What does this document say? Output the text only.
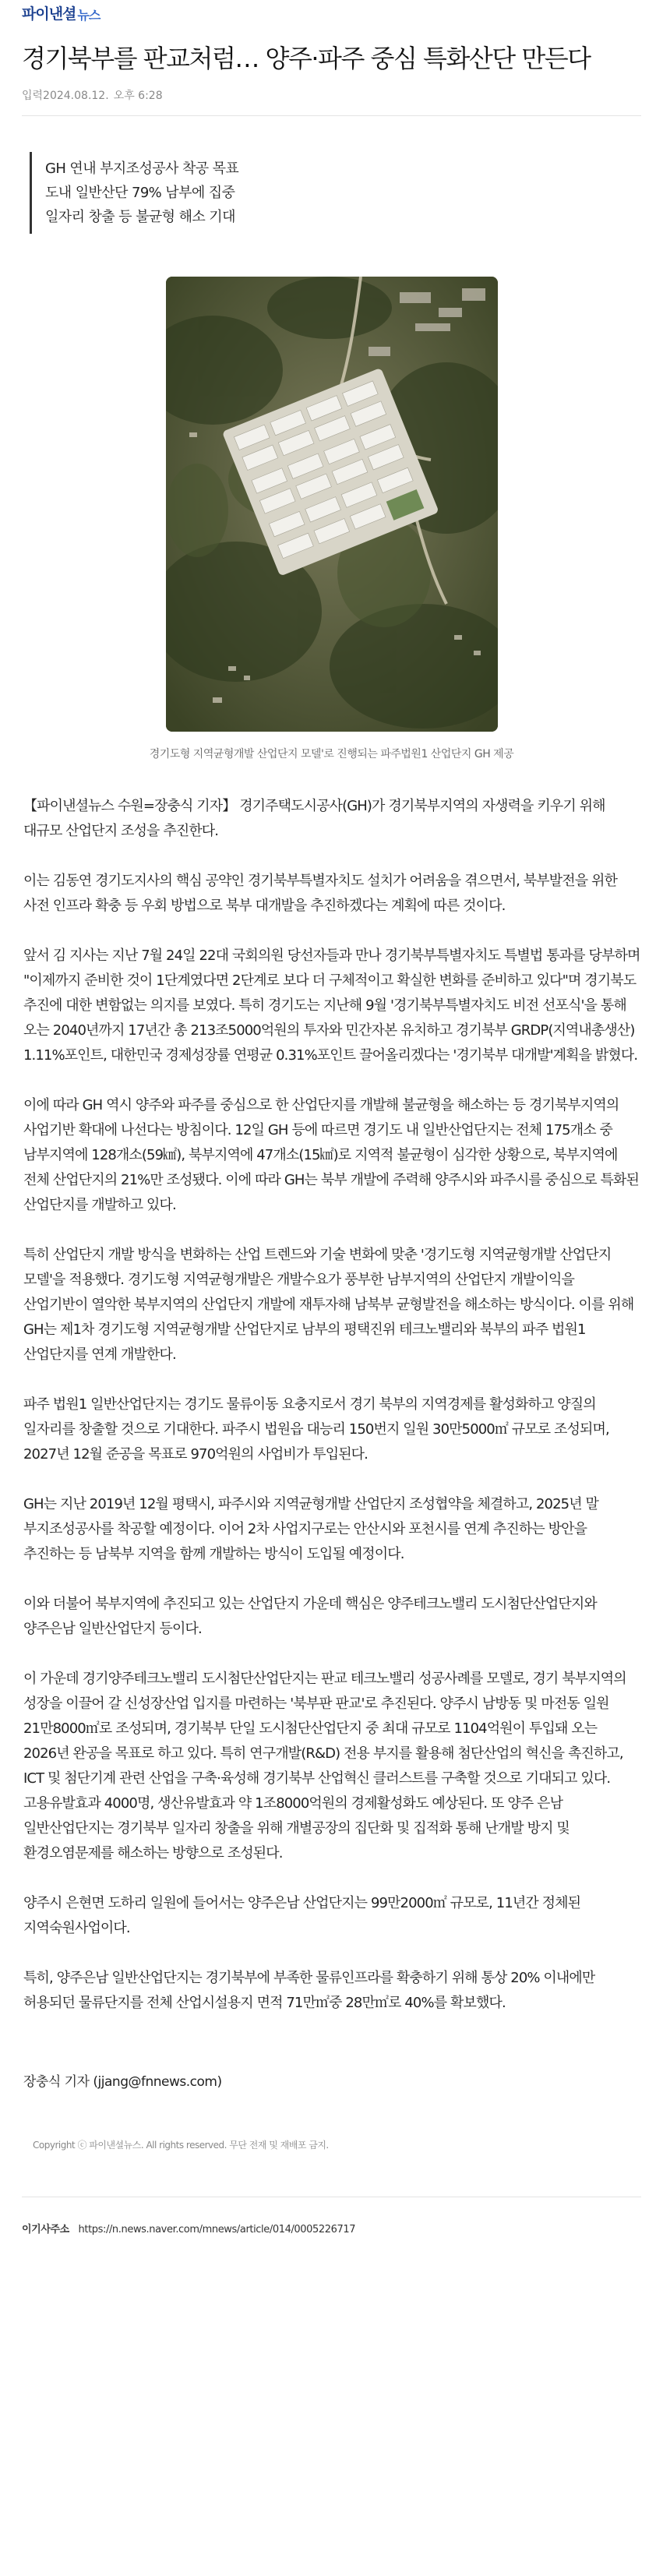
파이낸셜 뉴스
경기북부를 판교처럼… 양주·파주 중심 특화산단 만든다
입력2024.08.12. 오후 6:28
GH 연내 부지조성공사 착공 목표
도내 일반산단 79% 남부에 집중
일자리 창출 등 불균형 해소 기대
경기도형 지역균형개발 산업단지 모델'로 진행되는 파주법원1 산업단지 GH 제공

【파이낸셜뉴스 수원=장충식 기자】 경기주택도시공사(GH)가 경기북부지역의 자생력을 키우기 위해 대규모 산업단지 조성을 추진한다.

이는 김동연 경기도지사의 핵심 공약인 경기북부특별자치도 설치가 어려움을 겪으면서, 북부발전을 위한 사전 인프라 확충 등 우회 방법으로 북부 대개발을 추진하겠다는 계획에 따른 것이다.

앞서 김 지사는 지난 7월 24일 22대 국회의원 당선자들과 만나 경기북부특별자치도 특별법 통과를 당부하며 "이제까지 준비한 것이 1단계였다면 2단계로 보다 더 구체적이고 확실한 변화를 준비하고 있다"며 경기북도 추진에 대한 변함없는 의지를 보였다. 특히 경기도는 지난해 9월 '경기북부특별자치도 비전 선포식'을 통해 오는 2040년까지 17년간 총 213조5000억원의 투자와 민간자본 유치하고 경기북부 GRDP(지역내총생산) 1.11%포인트, 대한민국 경제성장률 연평균 0.31%포인트 끌어올리겠다는 '경기북부 대개발'계획을 밝혔다.

이에 따라 GH 역시 양주와 파주를 중심으로 한 산업단지를 개발해 불균형을 해소하는 등 경기북부지역의 사업기반 확대에 나선다는 방침이다. 12일 GH 등에 따르면 경기도 내 일반산업단지는 전체 175개소 중 남부지역에 128개소(59㎢), 북부지역에 47개소(15㎢)로 지역적 불균형이 심각한 상황으로, 북부지역에 전체 산업단지의 21%만 조성됐다. 이에 따라 GH는 북부 개발에 주력해 양주시와 파주시를 중심으로 특화된 산업단지를 개발하고 있다.

특히 산업단지 개발 방식을 변화하는 산업 트렌드와 기술 변화에 맞춘 '경기도형 지역균형개발 산업단지 모델'을 적용했다. 경기도형 지역균형개발은 개발수요가 풍부한 남부지역의 산업단지 개발이익을 산업기반이 열악한 북부지역의 산업단지 개발에 재투자해 남북부 균형발전을 해소하는 방식이다. 이를 위해 GH는 제1차 경기도형 지역균형개발 산업단지로 남부의 평택진위 테크노밸리와 북부의 파주 법원1 산업단지를 연계 개발한다.

파주 법원1 일반산업단지는 경기도 물류이동 요충지로서 경기 북부의 지역경제를 활성화하고 양질의 일자리를 창출할 것으로 기대한다. 파주시 법원읍 대능리 150번지 일원 30만5000㎡ 규모로 조성되며, 2027년 12월 준공을 목표로 970억원의 사업비가 투입된다.

GH는 지난 2019년 12월 평택시, 파주시와 지역균형개발 산업단지 조성협약을 체결하고, 2025년 말 부지조성공사를 착공할 예정이다. 이어 2차 사업지구로는 안산시와 포천시를 연계 추진하는 방안을 추진하는 등 남북부 지역을 함께 개발하는 방식이 도입될 예정이다.

이와 더불어 북부지역에 추진되고 있는 산업단지 가운데 핵심은 양주테크노밸리 도시첨단산업단지와 양주은남 일반산업단지 등이다.

이 가운데 경기양주테크노밸리 도시첨단산업단지는 판교 테크노밸리 성공사례를 모델로, 경기 북부지역의 성장을 이끌어 갈 신성장산업 입지를 마련하는 '북부판 판교'로 추진된다. 양주시 남방동 및 마전동 일원 21만8000㎡로 조성되며, 경기북부 단일 도시첨단산업단지 중 최대 규모로 1104억원이 투입돼 오는 2026년 완공을 목표로 하고 있다. 특히 연구개발(R&D) 전용 부지를 활용해 첨단산업의 혁신을 촉진하고, ICT 및 첨단기계 관련 산업을 구축·육성해 경기북부 산업혁신 클러스트를 구축할 것으로 기대되고 있다. 고용유발효과 4000명, 생산유발효과 약 1조8000억원의 경제활성화도 예상된다. 또 양주 은남 일반산업단지는 경기북부 일자리 창출을 위해 개별공장의 집단화 및 집적화 통해 난개발 방지 및 환경오염문제를 해소하는 방향으로 조성된다.

양주시 은현면 도하리 일원에 들어서는 양주은남 산업단지는 99만2000㎡ 규모로, 11년간 정체된 지역숙원사업이다.

특히, 양주은남 일반산업단지는 경기북부에 부족한 물류인프라를 확충하기 위해 통상 20% 이내에만 허용되던 물류단지를 전체 산업시설용지 면적 71만㎡중 28만㎡로 40%를 확보했다.

장충식 기자 (jjang@fnnews.com)
Copyright ⓒ 파이낸셜뉴스. All rights reserved. 무단 전재 및 재배포 금지.
이기사주소 https://n.news.naver.com/mnews/article/014/0005226717
